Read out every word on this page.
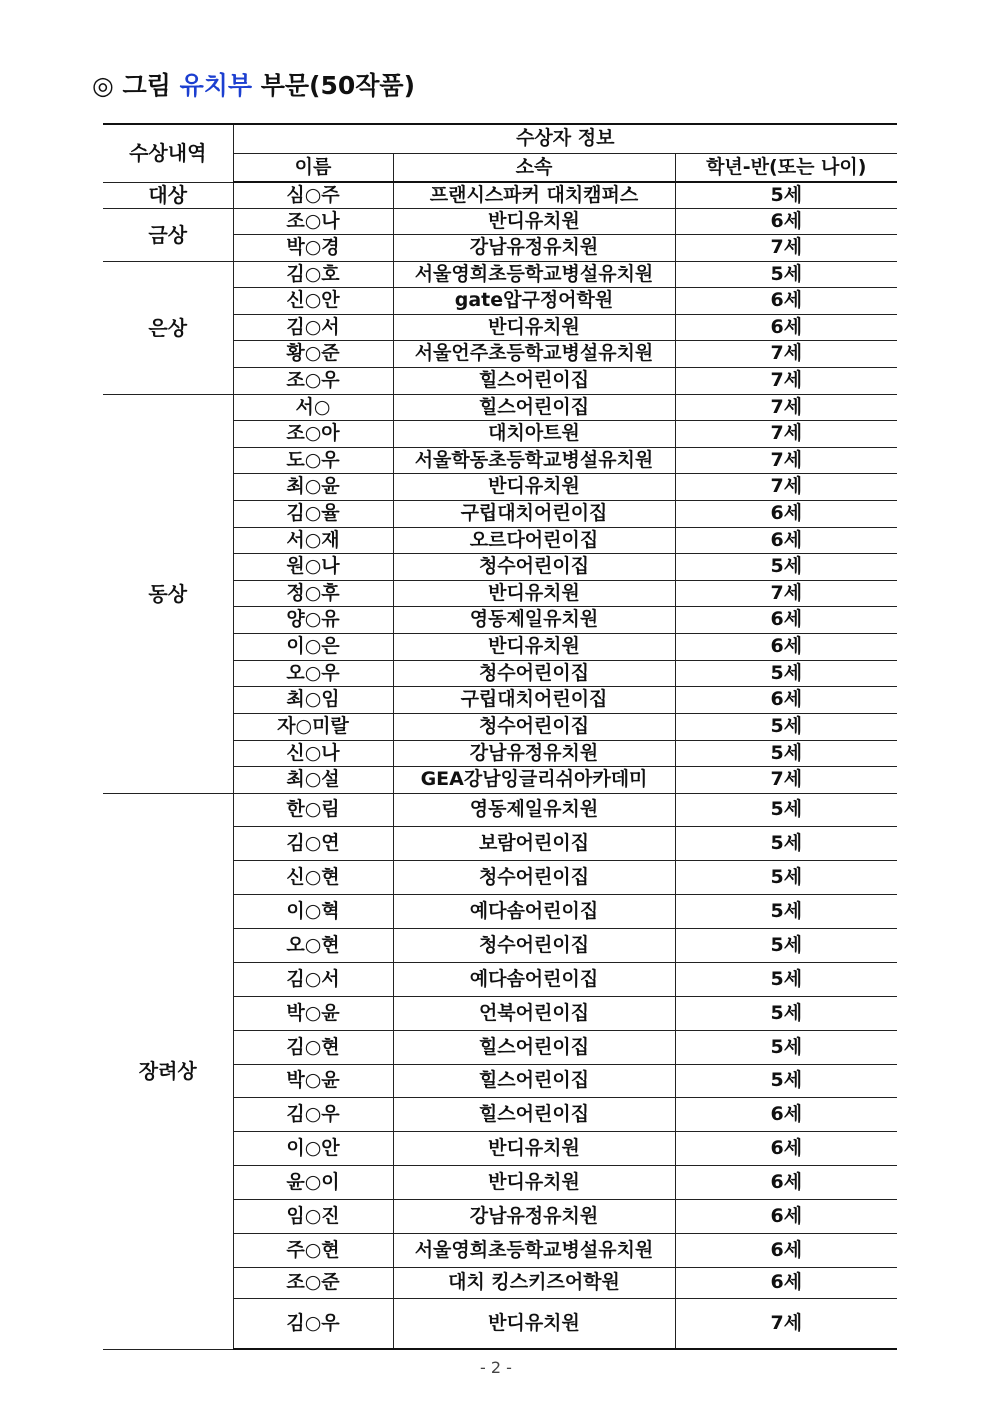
◎ 그림 유치부 부문(50작품)
수상내역	수상자 정보		
	이름	소속	학년-반(또는 나이)
대상	심○주	프랜시스파커 대치캠퍼스	5세
금상	조○나	반디유치원	6세
	박○경	강남유정유치원	7세
은상	김○호	서울영희초등학교병설유치원	5세
	신○안	gate압구정어학원	6세
	김○서	반디유치원	6세
	황○준	서울언주초등학교병설유치원	7세
	조○우	힐스어린이집	7세
동상	서○	힐스어린이집	7세
	조○아	대치아트원	7세
	도○우	서울학동초등학교병설유치원	7세
	최○윤	반디유치원	7세
	김○율	구립대치어린이집	6세
	서○재	오르다어린이집	6세
	원○나	청수어린이집	5세
	정○후	반디유치원	7세
	양○유	영동제일유치원	6세
	이○은	반디유치원	6세
	오○우	청수어린이집	5세
	최○임	구립대치어린이집	6세
	자○미랄	청수어린이집	5세
	신○나	강남유정유치원	5세
	최○설	GEA강남잉글리쉬아카데미	7세
장려상	한○림	영동제일유치원	5세
	김○연	보람어린이집	5세
	신○현	청수어린이집	5세
	이○혁	예다솜어린이집	5세
	오○현	청수어린이집	5세
	김○서	예다솜어린이집	5세
	박○윤	언북어린이집	5세
	김○현	힐스어린이집	5세
	박○윤	힐스어린이집	5세
	김○우	힐스어린이집	6세
	이○안	반디유치원	6세
	윤○이	반디유치원	6세
	임○진	강남유정유치원	6세
	주○현	서울영희초등학교병설유치원	6세
	조○준	대치 킹스키즈어학원	6세
	김○우	반디유치원	7세
- 2 -
